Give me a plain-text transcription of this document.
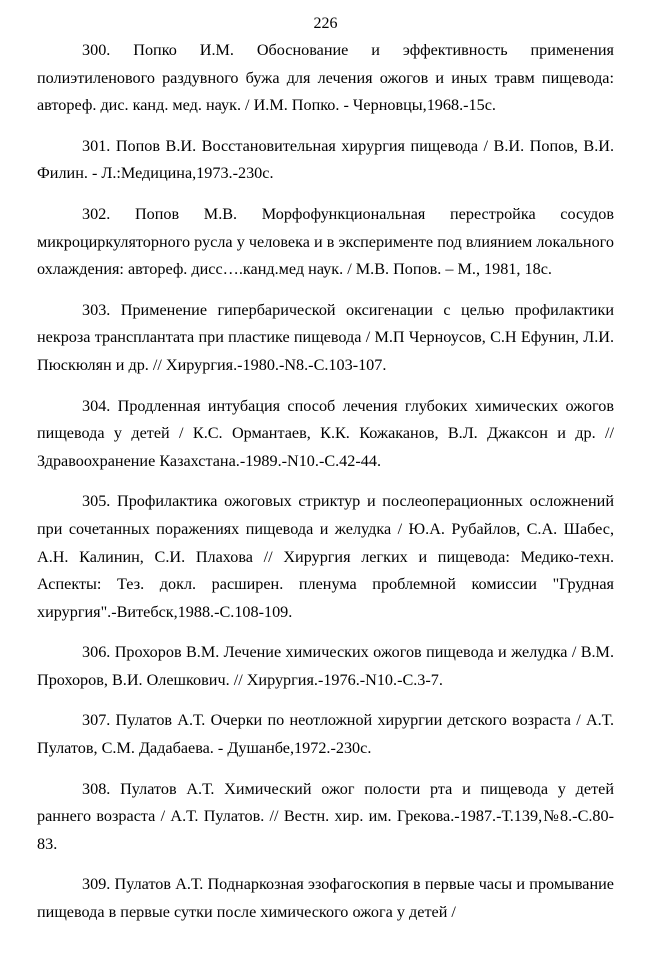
226

300. Попко И.М. Обоснование и эффективность применения полиэтиленового раздувного бужа для лечения ожогов и иных травм пищевода: автореф. дис. канд. мед. наук. / И.М. Попко. - Черновцы,1968.-15с.

301. Попов В.И. Восстановительная хирургия пищевода / В.И. Попов, В.И. Филин. - Л.:Медицина,1973.-230с.

302. Попов М.В. Морфофункциональная перестройка сосудов микроциркуляторного русла у человека и в эксперименте под влиянием локального охлаждения: автореф. дисс….канд.мед наук. / М.В. Попов. – М., 1981, 18с.

303. Применение гипербарической оксигенации с целью профилактики некроза трансплантата при пластике пищевода / М.П Черноусов, С.Н Ефунин, Л.И. Пюскюлян и др. // Хирургия.-1980.-N8.-С.103-107.

304. Продленная интубация способ лечения глубоких химических ожогов пищевода у детей / К.С. Ормантаев, К.К. Кожаканов, В.Л. Джаксон и др. // Здравоохранение Казахстана.-1989.-N10.-С.42-44.

305. Профилактика ожоговых стриктур и послеоперационных осложнений при сочетанных поражениях пищевода и желудка / Ю.А. Рубайлов, С.А. Шабес, А.Н. Калинин, С.И. Плахова // Хирургия легких и пищевода: Медико-техн. Аспекты: Тез. докл. расширен. пленума проблемной комиссии "Грудная хирургия".-Витебск,1988.-С.108-109.

306. Прохоров В.М. Лечение химических ожогов пищевода и желудка / В.М. Прохоров, В.И. Олешкович. // Хирургия.-1976.-N10.-С.3-7.

307. Пулатов А.Т. Очерки по неотложной хирургии детского возраста / А.Т. Пулатов, С.М. Дадабаева. - Душанбе,1972.-230с.

308. Пулатов А.Т. Химический ожог полости рта и пищевода у детей раннего возраста / А.Т. Пулатов. // Вестн. хир. им. Грекова.-1987.-Т.139,№8.-С.80-83.

309. Пулатов А.Т. Поднаркозная эзофагоскопия в первые часы и промывание пищевода в первые сутки после химического ожога у детей /
